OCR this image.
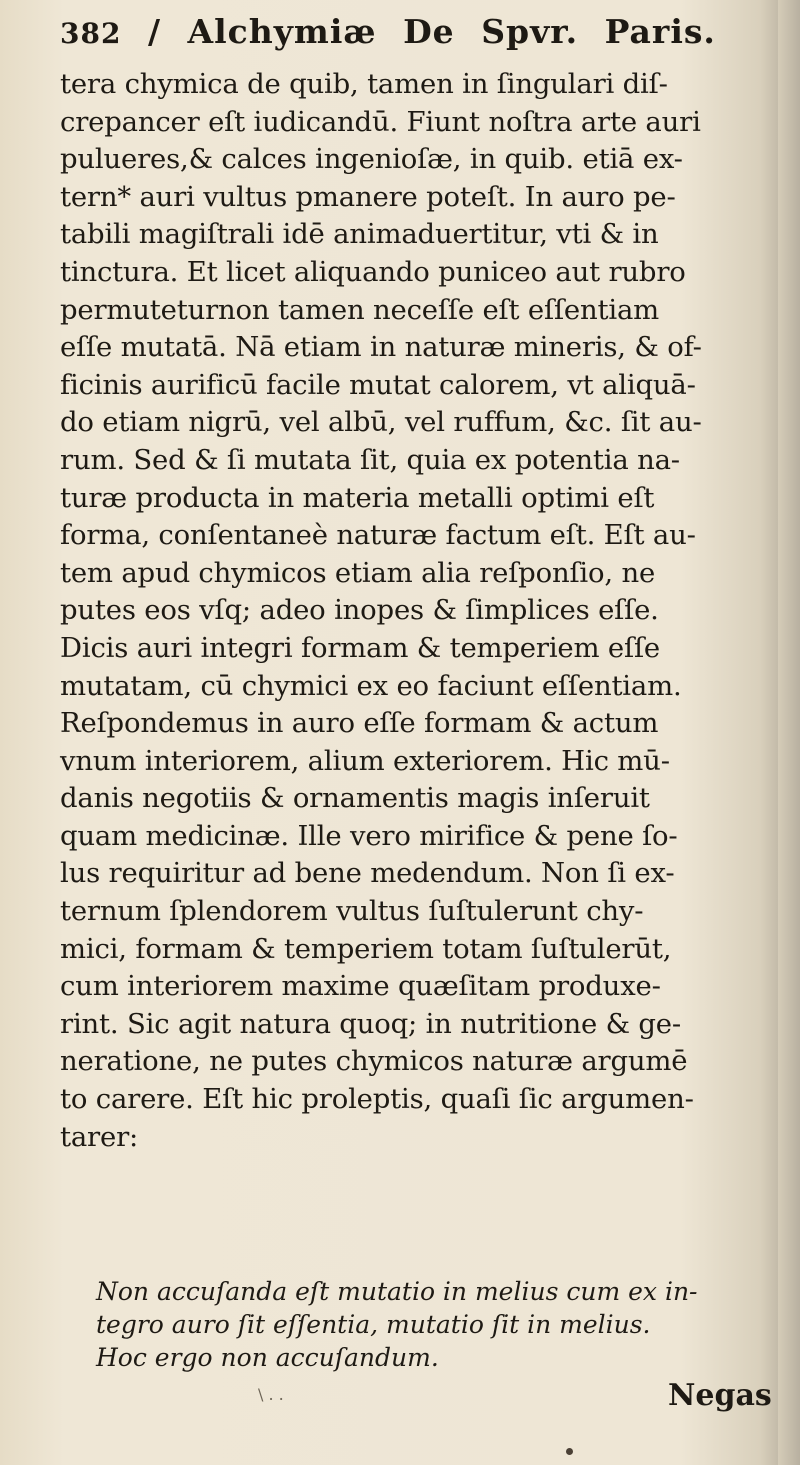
382 / Alchymiæ De Spvr. Paris.
tera chymica de quib, tamen in ſingulari diſ-
crepancer eſt iudicandū. Fiunt noſtra arte auri
pulueres,& calces ingenioſæ, in quib. etiā ex-
tern* auri vultus pmanere poteſt. In auro pe-
tabili magiſtrali idē animaduertitur, vti & in
tinctura. Et licet aliquando puniceo aut rubro
permuteturnon tamen neceſſe eſt eſſentiam
eſſe mutatā. Nā etiam in naturæ mineris, & of-
ficinis aurificū facile mutat calorem, vt aliquā-
do etiam nigrū, vel albū, vel ruffum, &c. ſit au-
rum. Sed & ſi mutata ſit, quia ex potentia na-
turæ producta in materia metalli optimi eſt
forma, conſentaneè naturæ factum eſt. Eſt au-
tem apud chymicos etiam alia reſponſio, ne
putes eos vſq; adeo inopes & ſimplices eſſe.
Dicis auri integri formam & temperiem eſſe
mutatam, cū chymici ex eo faciunt eſſentiam.
Reſpondemus in auro eſſe formam & actum
vnum interiorem, alium exteriorem. Hic mū-
danis negotiis & ornamentis magis inſeruit
quam medicinæ. Ille vero mirifice & pene ſo-
lus requiritur ad bene medendum. Non ſi ex-
ternum ſplendorem vultus ſuſtulerunt chy-
mici, formam & temperiem totam ſuſtulerūt,
cum interiorem maxime quæſitam produxe-
rint. Sic agit natura quoq; in nutritione & ge-
neratione, ne putes chymicos naturæ argumē
to carere. Eſt hic proleptis, quaſi ſic argumen-
tarer:
Non accuſanda eſt mutatio in melius cum ex in-
tegro auro ſit eſſentia, mutatio ſit in melius.
Hoc ergo non accuſandum.
\ . .	Negas
